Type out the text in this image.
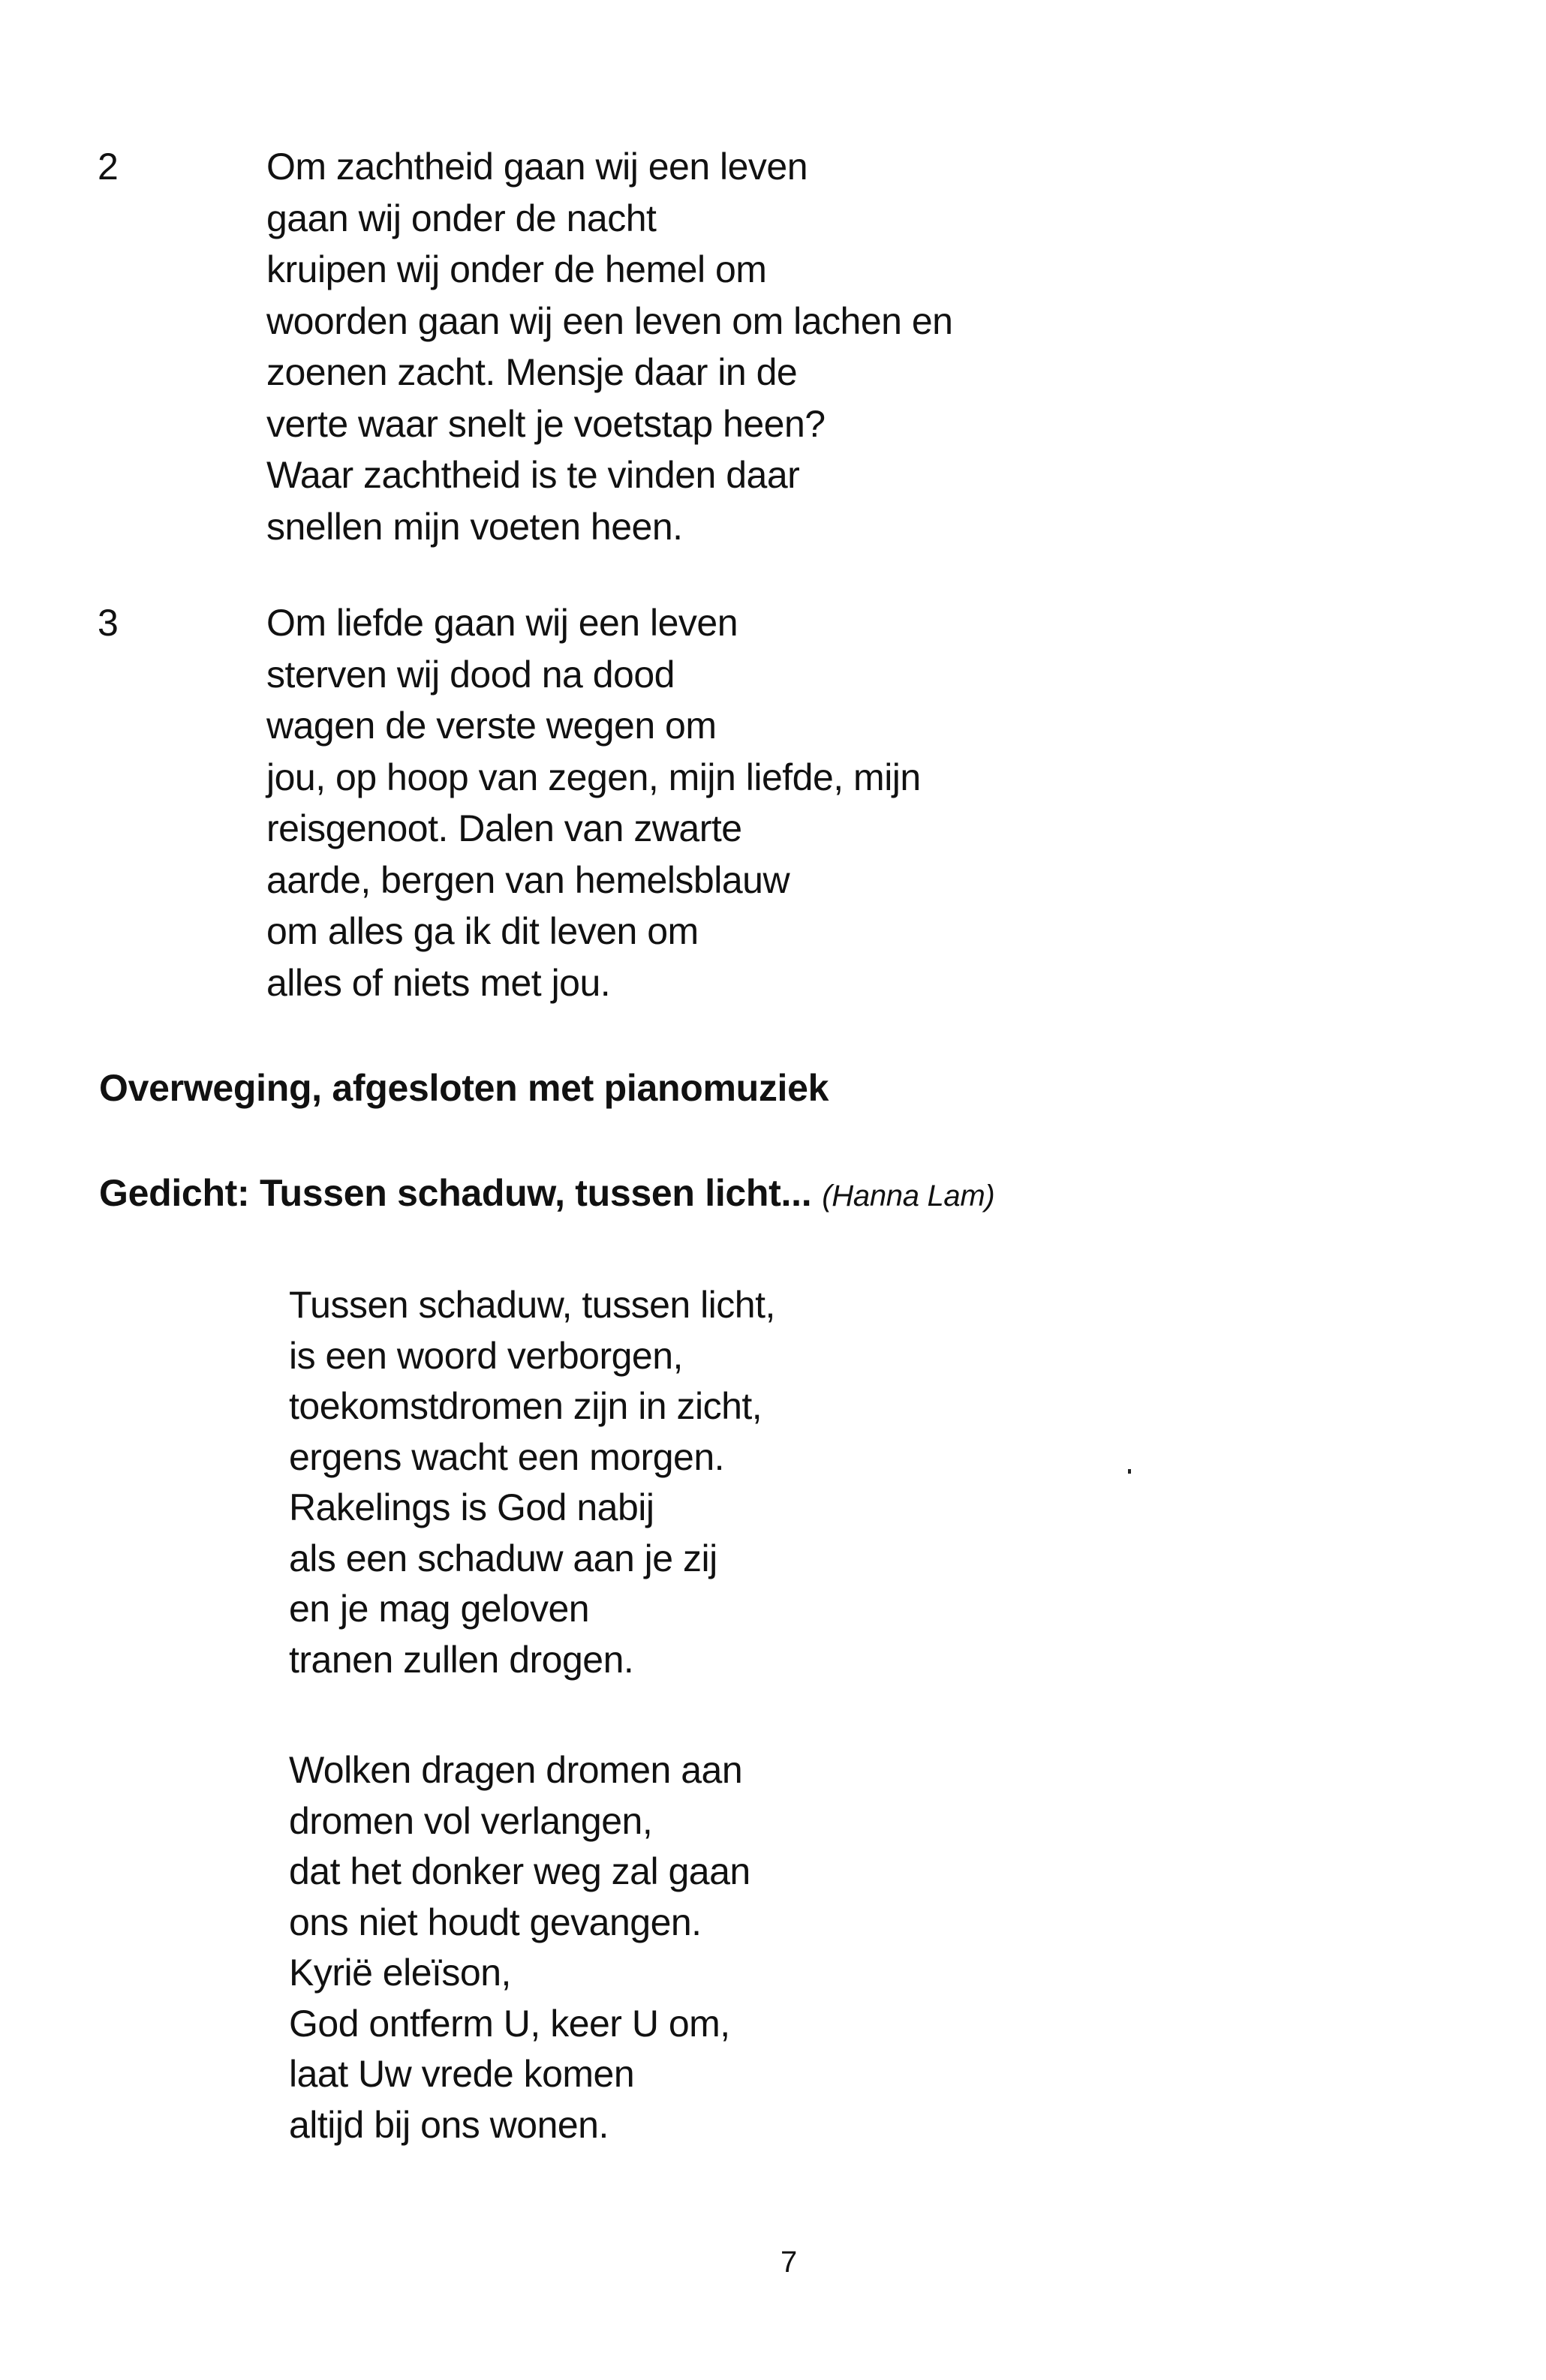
2	Om zachtheid gaan wij een leven
gaan wij onder de nacht
kruipen wij onder de hemel om
woorden gaan wij een leven om lachen en
zoenen zacht. Mensje daar in de
verte waar snelt je voetstap heen?
Waar zachtheid is te vinden daar
snellen mijn voeten heen.
3	Om liefde gaan wij een leven
sterven wij dood na dood
wagen de verste wegen om
jou, op hoop van zegen, mijn liefde, mijn
reisgenoot. Dalen van zwarte
aarde, bergen van hemelsblauw
om alles ga ik dit leven om
alles of niets met jou.
Overweging, afgesloten met pianomuziek
Gedicht: Tussen schaduw, tussen licht... (Hanna Lam)
Tussen schaduw, tussen licht,
is een woord verborgen,
toekomstdromen zijn in zicht,
ergens wacht een morgen.
Rakelings is God nabij
als een schaduw aan je zij
en je mag geloven
tranen zullen drogen.
Wolken dragen dromen aan
dromen vol verlangen,
dat het donker weg zal gaan
ons niet houdt gevangen.
Kyrië eleïson,
God ontferm U, keer U om,
laat Uw vrede komen
altijd bij ons wonen.
7
